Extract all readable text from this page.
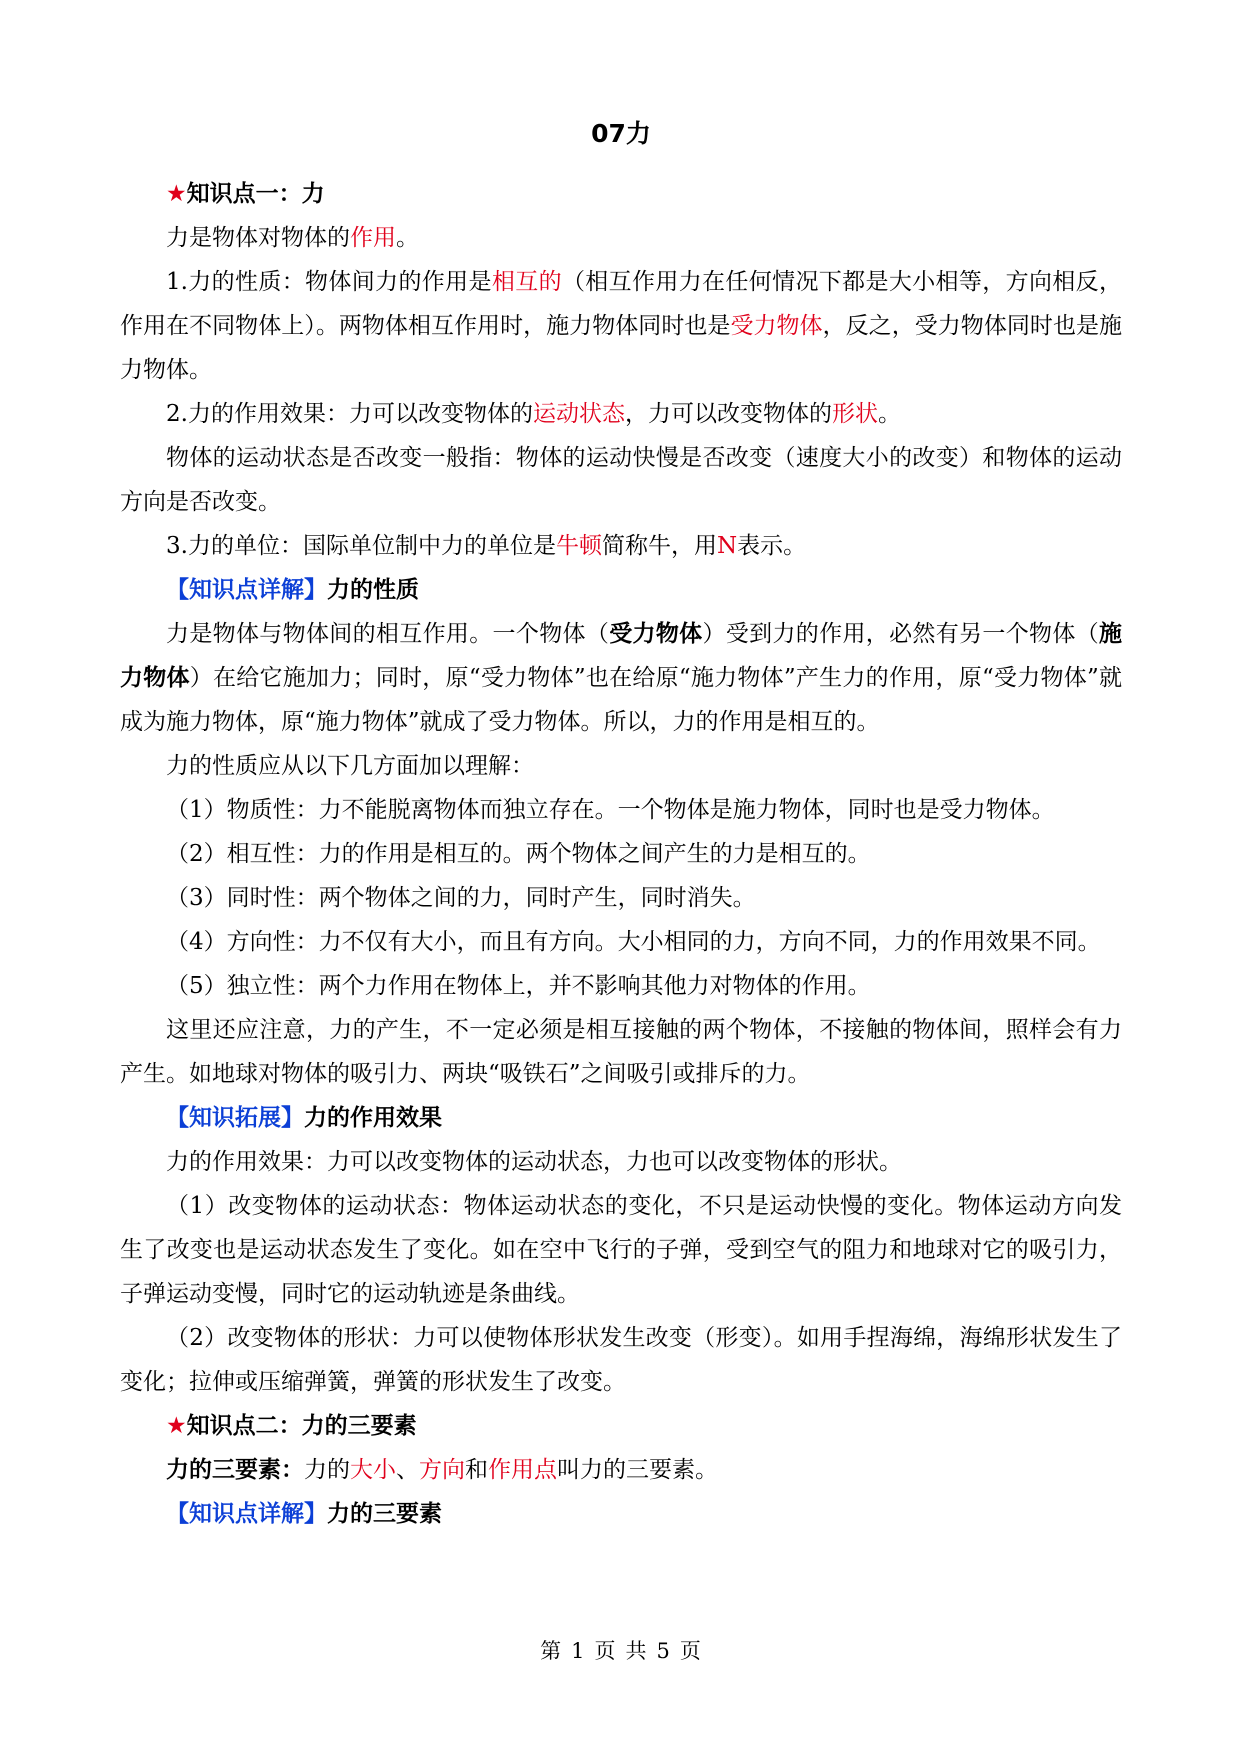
07力

★知识点一：力

力是物体对物体的作用。

1.力的性质：物体间力的作用是相互的（相互作用力在任何情况下都是大小相等，方向相反，作用在不同物体上）。两物体相互作用时，施力物体同时也是受力物体，反之，受力物体同时也是施力物体。

2.力的作用效果：力可以改变物体的运动状态，力可以改变物体的形状。

物体的运动状态是否改变一般指：物体的运动快慢是否改变（速度大小的改变）和物体的运动方向是否改变。

3.力的单位：国际单位制中力的单位是牛顿简称牛，用N表示。

【知识点详解】力的性质

力是物体与物体间的相互作用。一个物体（受力物体）受到力的作用，必然有另一个物体（施力物体）在给它施加力；同时，原“受力物体”也在给原“施力物体”产生力的作用，原“受力物体”就成为施力物体，原“施力物体”就成了受力物体。所以，力的作用是相互的。

力的性质应从以下几方面加以理解：

（1）物质性：力不能脱离物体而独立存在。一个物体是施力物体，同时也是受力物体。

（2）相互性：力的作用是相互的。两个物体之间产生的力是相互的。

（3）同时性：两个物体之间的力，同时产生，同时消失。

（4）方向性：力不仅有大小，而且有方向。大小相同的力，方向不同，力的作用效果不同。

（5）独立性：两个力作用在物体上，并不影响其他力对物体的作用。

这里还应注意，力的产生，不一定必须是相互接触的两个物体，不接触的物体间，照样会有力产生。如地球对物体的吸引力、两块“吸铁石”之间吸引或排斥的力。

【知识拓展】力的作用效果

力的作用效果：力可以改变物体的运动状态，力也可以改变物体的形状。

（1）改变物体的运动状态：物体运动状态的变化，不只是运动快慢的变化。物体运动方向发生了改变也是运动状态发生了变化。如在空中飞行的子弹，受到空气的阻力和地球对它的吸引力，子弹运动变慢，同时它的运动轨迹是条曲线。

（2）改变物体的形状：力可以使物体形状发生改变（形变）。如用手捏海绵，海绵形状发生了变化；拉伸或压缩弹簧，弹簧的形状发生了改变。

★知识点二：力的三要素

力的三要素：力的大小、方向和作用点叫力的三要素。

【知识点详解】力的三要素

第 1 页 共 5 页
